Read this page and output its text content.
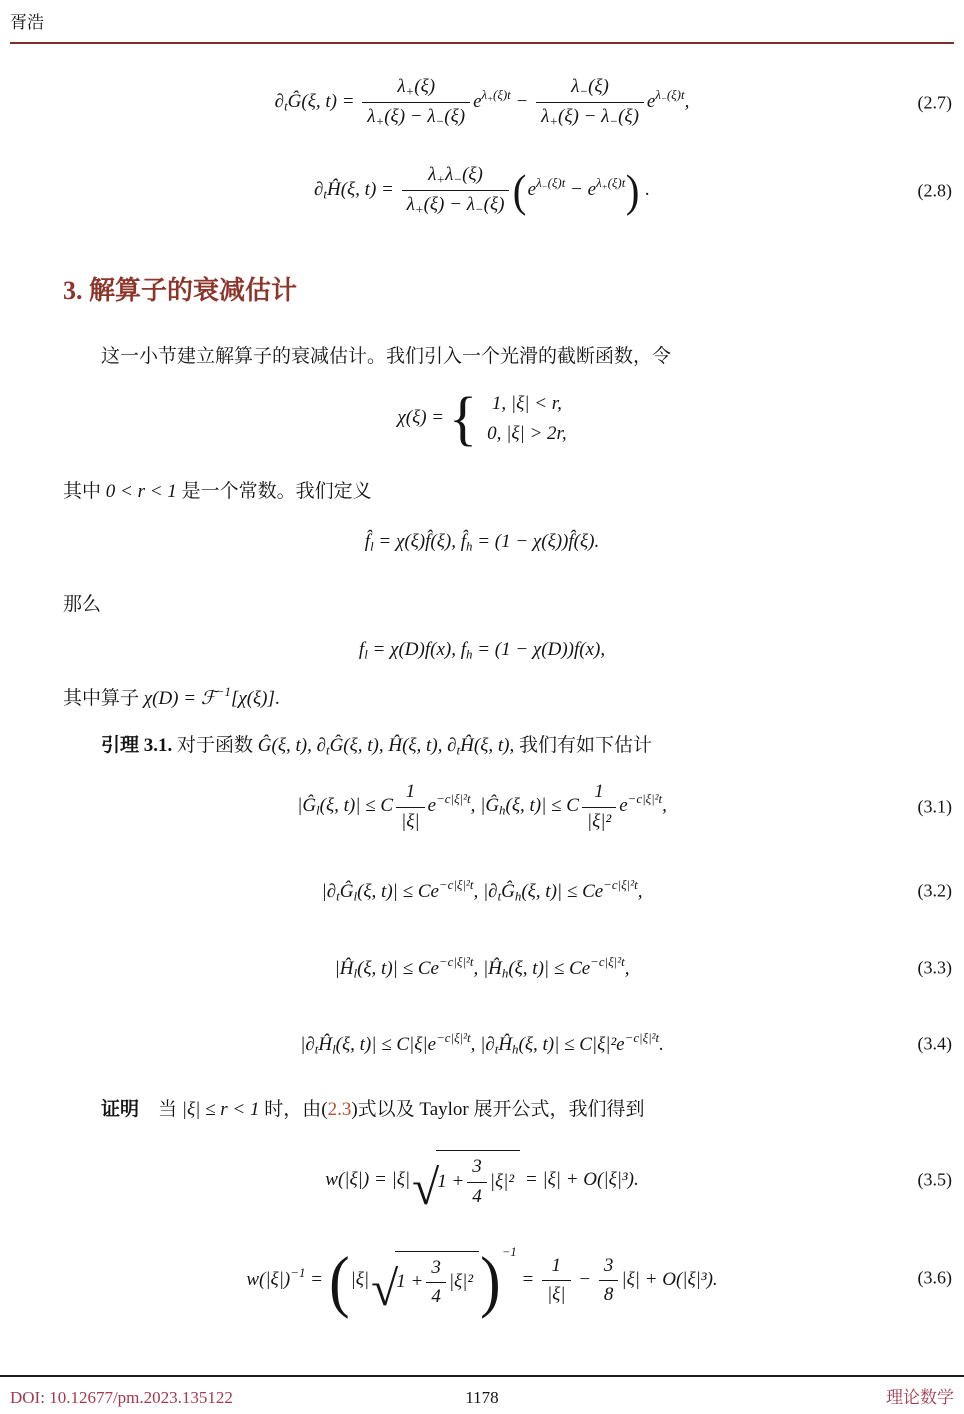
胥浩
$\partial_tĜ(\xi$, $t) = \frac{\lambda_+(\xi)}{\lambda_+(\xi) - \lambda_-(\xi)} e^{\lambda_+(\xi)t} - \frac{\lambda_-(\xi)}{\lambda_+(\xi) - \lambda_-(\xi)} e^{\lambda_-(\xi)t}$,	(2.7)
$\partial_tĤ(\xi$, $t) = \frac{\lambda_+\lambda_-(\xi)}{\lambda_+(\xi) - \lambda_-(\xi)} (e^{\lambda_-(\xi)t} - e^{\lambda_+(\xi)t})$ .	(2.8)
3. 解算子的衰减估计

这一小节建立解算子的衰减估计。我们引入一个光滑的截断函数，令

χ(ξ) = { 1, |ξ| < r,
0, |ξ| > 2r,

其中 0 < r < 1 是一个常数。我们定义

$f̂_l$ = χ(ξ)f̂(ξ), $f̂_h = (1$ − χ(ξ))f̂(ξ).

那么

$f_l = \chi(D)f(x)$, $f_h = (1 - \chi(D))f(x)$,

其中算子 χ(D) = ℱ$^{-1}$[χ(ξ)].

引理 3.1. 对于函数 Ĝ(ξ, t), $\partial_tĜ(\xi$, t), Ĥ(ξ, t), $\partial_tĤ(\xi$, t), 我们有如下估计

$|Ĝ_l(\xi$, t)| ≤ C $\frac{1}{|\xi|} e^{-c|\xi|^2t}$, $|Ĝ_h(\xi$, t)| ≤ C $\frac{1}{\text{|ξ|²}} e^{-c|\xi|^2t}$,	(3.1)
$|\partial_tĜ_l(\xi$, $t)| \le Ce^{-c|\xi|^2t}$, $|\partial_tĜ_h(\xi$, $t)| \le Ce^{-c|\xi|^2t}$,	(3.2)
$|Ĥ_l(\xi$, $t)| \le Ce^{-c|\xi|^2t}$, $|Ĥ_h(\xi$, $t)| \le Ce^{-c|\xi|^2t}$,	(3.3)
$|\partial_tĤ_l(\xi$, $t)| \le C|\xi|e^{-c|\xi|^2t}$, $|\partial_tĤ_h(\xi$, $t)| \le C|\xi|^2e^{-c|\xi|^2t}$.	(3.4)

证明　当 |ξ| ≤ r < 1 时，由(2.3)式以及 Taylor 展开公式，我们得到

w(|ξ|) = |ξ| √
$1 + \frac{3}{4} |\xi|^2 = |\xi| + O(|\xi|^3)$.	(3.5)
$w(|\xi|)^{-1} = (|\xi|$ √
$1 + \frac{3}{4} |\xi|^2$ )$^{-1} = \frac{1}{|\xi|} - \frac{3}{8} |\xi| + O(|\xi|^3)$.	(3.6)
DOI: 10.12677/pm.2023.135122	1178	理论数学
